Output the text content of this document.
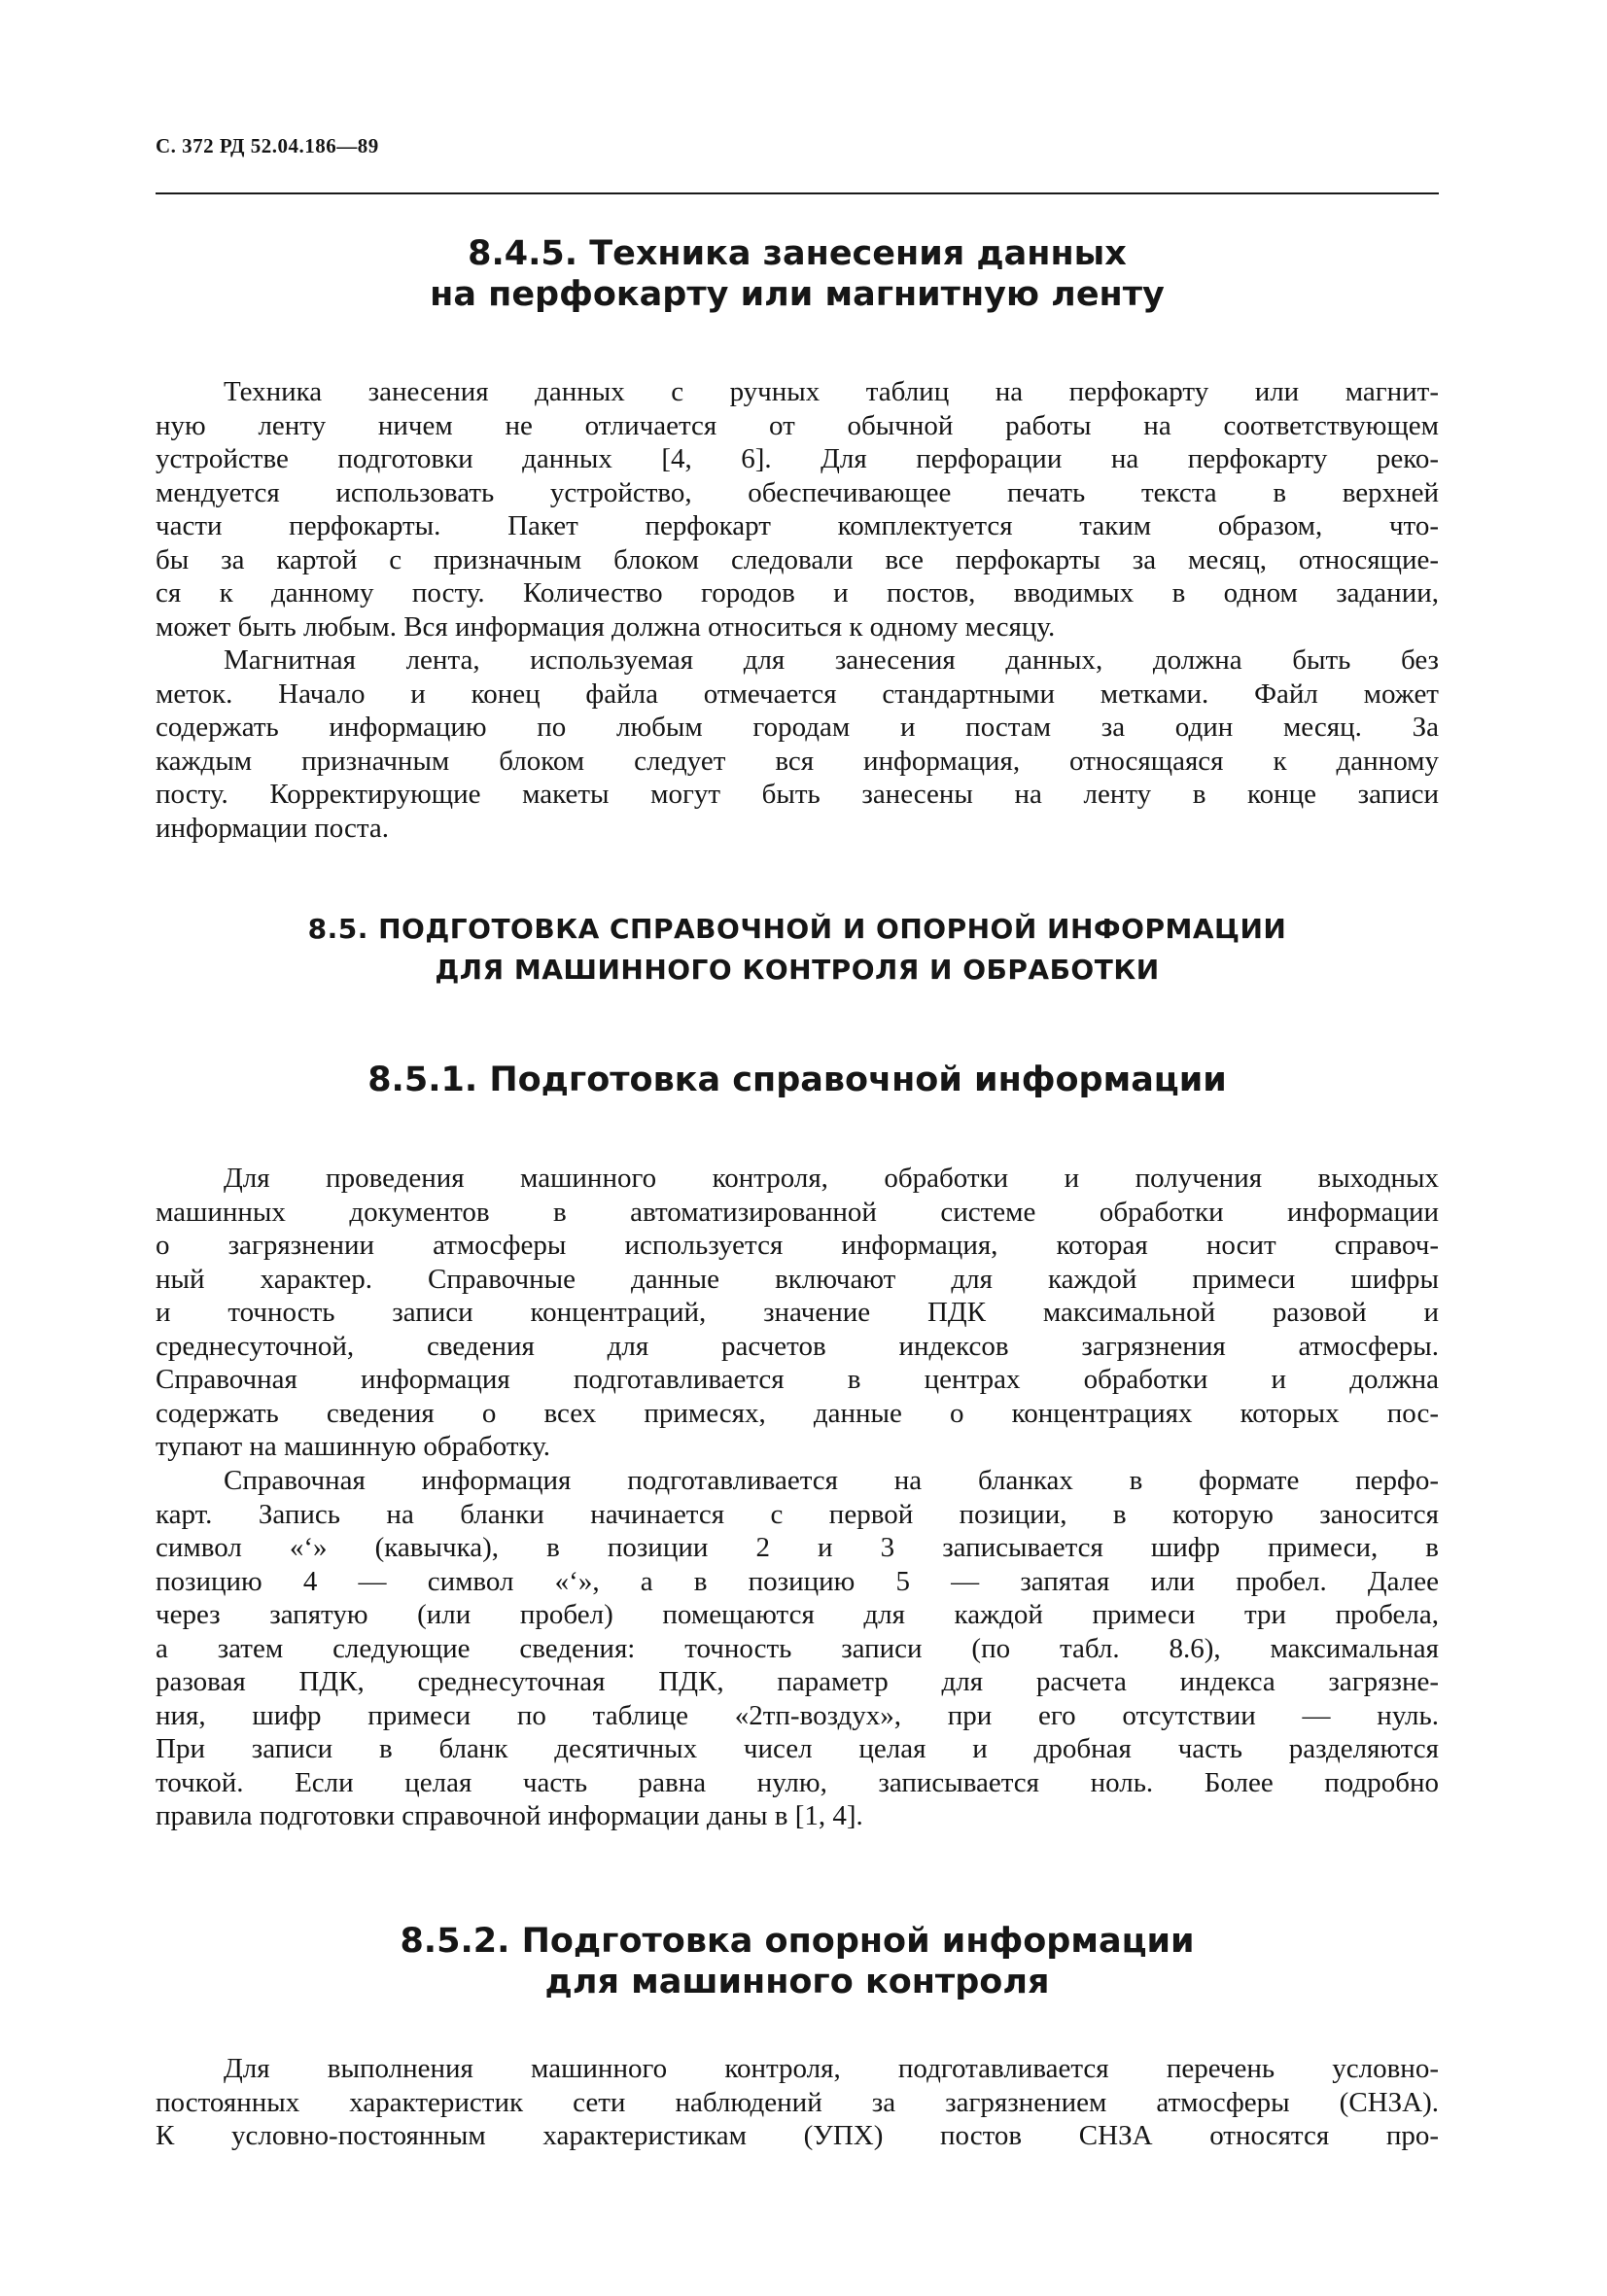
С. 372 РД 52.04.186—89
8.4.5. Техника занесения данных
на перфокарту или магнитную ленту

Техника занесения данных с ручных таблиц на перфокарту или магнит-
ную ленту ничем не отличается от обычной работы на соответствующем
устройстве подготовки данных [4, 6]. Для перфорации на перфокарту реко-
мендуется использовать устройство, обеспечивающее печать текста в верхней
части перфокарты. Пакет перфокарт комплектуется таким образом, что-
бы за картой с призначным блоком следовали все перфокарты за месяц, относящие-
ся к данному посту. Количество городов и постов, вводимых в одном задании,
может быть любым. Вся информация должна относиться к одному месяцу.

Магнитная лента, используемая для занесения данных, должна быть без
меток. Начало и конец файла отмечается стандартными метками. Файл может
содержать информацию по любым городам и постам за один месяц. За
каждым призначным блоком следует вся информация, относящаяся к данному
посту. Корректирующие макеты могут быть занесены на ленту в конце записи
информации поста.

8.5. ПОДГОТОВКА СПРАВОЧНОЙ И ОПОРНОЙ ИНФОРМАЦИИ
ДЛЯ МАШИННОГО КОНТРОЛЯ И ОБРАБОТКИ
8.5.1. Подготовка справочной информации

Для проведения машинного контроля, обработки и получения выходных
машинных документов в автоматизированной системе обработки информации
о загрязнении атмосферы используется информация, которая носит справоч-
ный характер. Справочные данные включают для каждой примеси шифры
и точность записи концентраций, значение ПДК максимальной разовой и
среднесуточной, сведения для расчетов индексов загрязнения атмосферы.
Справочная информация подготавливается в центрах обработки и должна
содержать сведения о всех примесях, данные о концентрациях которых пос-
тупают на машинную обработку.

Справочная информация подготавливается на бланках в формате перфо-
карт. Запись на бланки начинается с первой позиции, в которую заносится
символ «‘» (кавычка), в позиции 2 и 3 записывается шифр примеси, в
позицию 4 — символ «‘», а в позицию 5 — запятая или пробел. Далее
через запятую (или пробел) помещаются для каждой примеси три пробела,
а затем следующие сведения: точность записи (по табл. 8.6), максимальная
разовая ПДК, среднесуточная ПДК, параметр для расчета индекса загрязне-
ния, шифр примеси по таблице «2тп-воздух», при его отсутствии — нуль.
При записи в бланк десятичных чисел целая и дробная часть разделяются
точкой. Если целая часть равна нулю, записывается ноль. Более подробно
правила подготовки справочной информации даны в [1, 4].

8.5.2. Подготовка опорной информации
для машинного контроля

Для выполнения машинного контроля, подготавливается перечень условно-
постоянных характеристик сети наблюдений за загрязнением атмосферы (СНЗА).
К условно-постоянным характеристикам (УПХ) постов СНЗА относятся про-
